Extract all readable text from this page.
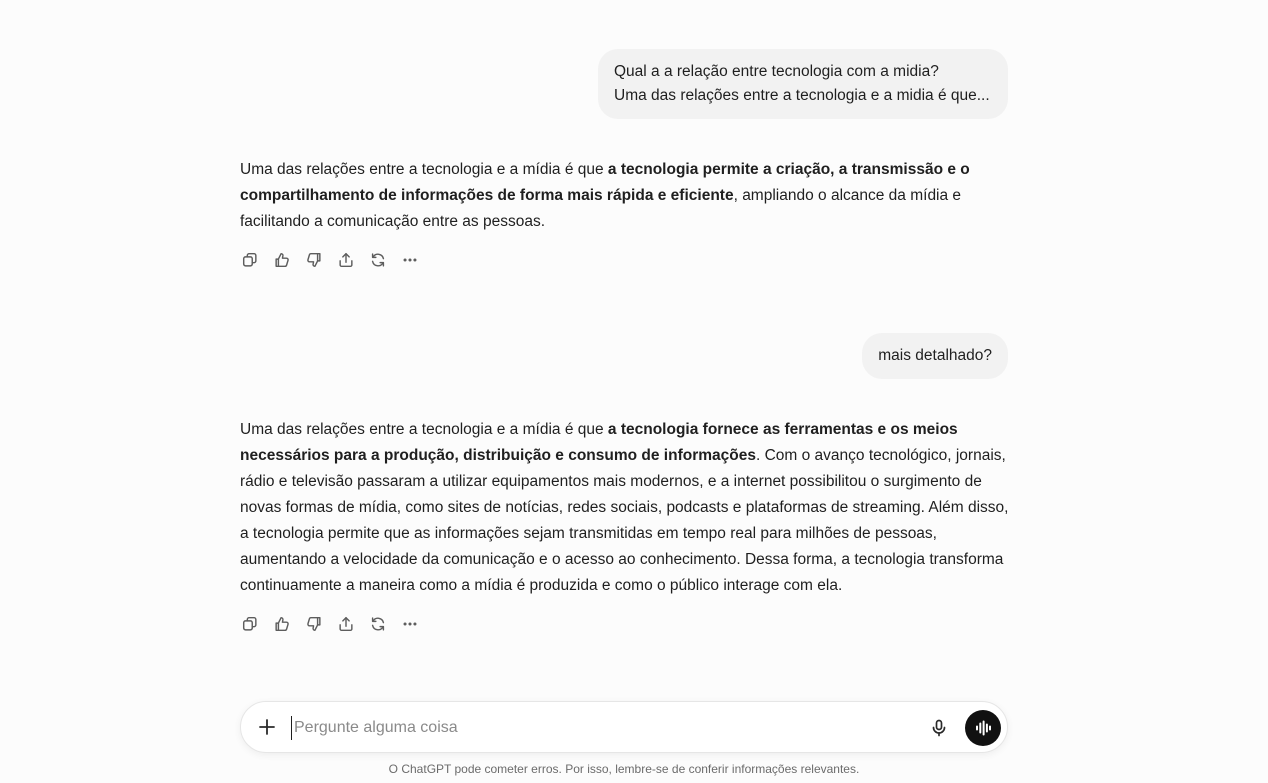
Qual a a relação entre tecnologia com a midia?
Uma das relações entre a tecnologia e a midia é que...
Uma das relações entre a tecnologia e a mídia é que a tecnologia permite a criação, a transmissão e o compartilhamento de informações de forma mais rápida e eficiente, ampliando o alcance da mídia e facilitando a comunicação entre as pessoas.
mais detalhado?
Uma das relações entre a tecnologia e a mídia é que a tecnologia fornece as ferramentas e os meios necessários para a produção, distribuição e consumo de informações. Com o avanço tecnológico, jornais, rádio e televisão passaram a utilizar equipamentos mais modernos, e a internet possibilitou o surgimento de novas formas de mídia, como sites de notícias, redes sociais, podcasts e plataformas de streaming. Além disso, a tecnologia permite que as informações sejam transmitidas em tempo real para milhões de pessoas, aumentando a velocidade da comunicação e o acesso ao conhecimento. Dessa forma, a tecnologia transforma continuamente a maneira como a mídia é produzida e como o público interage com ela.
Pergunte alguma coisa
O ChatGPT pode cometer erros. Por isso, lembre-se de conferir informações relevantes.
